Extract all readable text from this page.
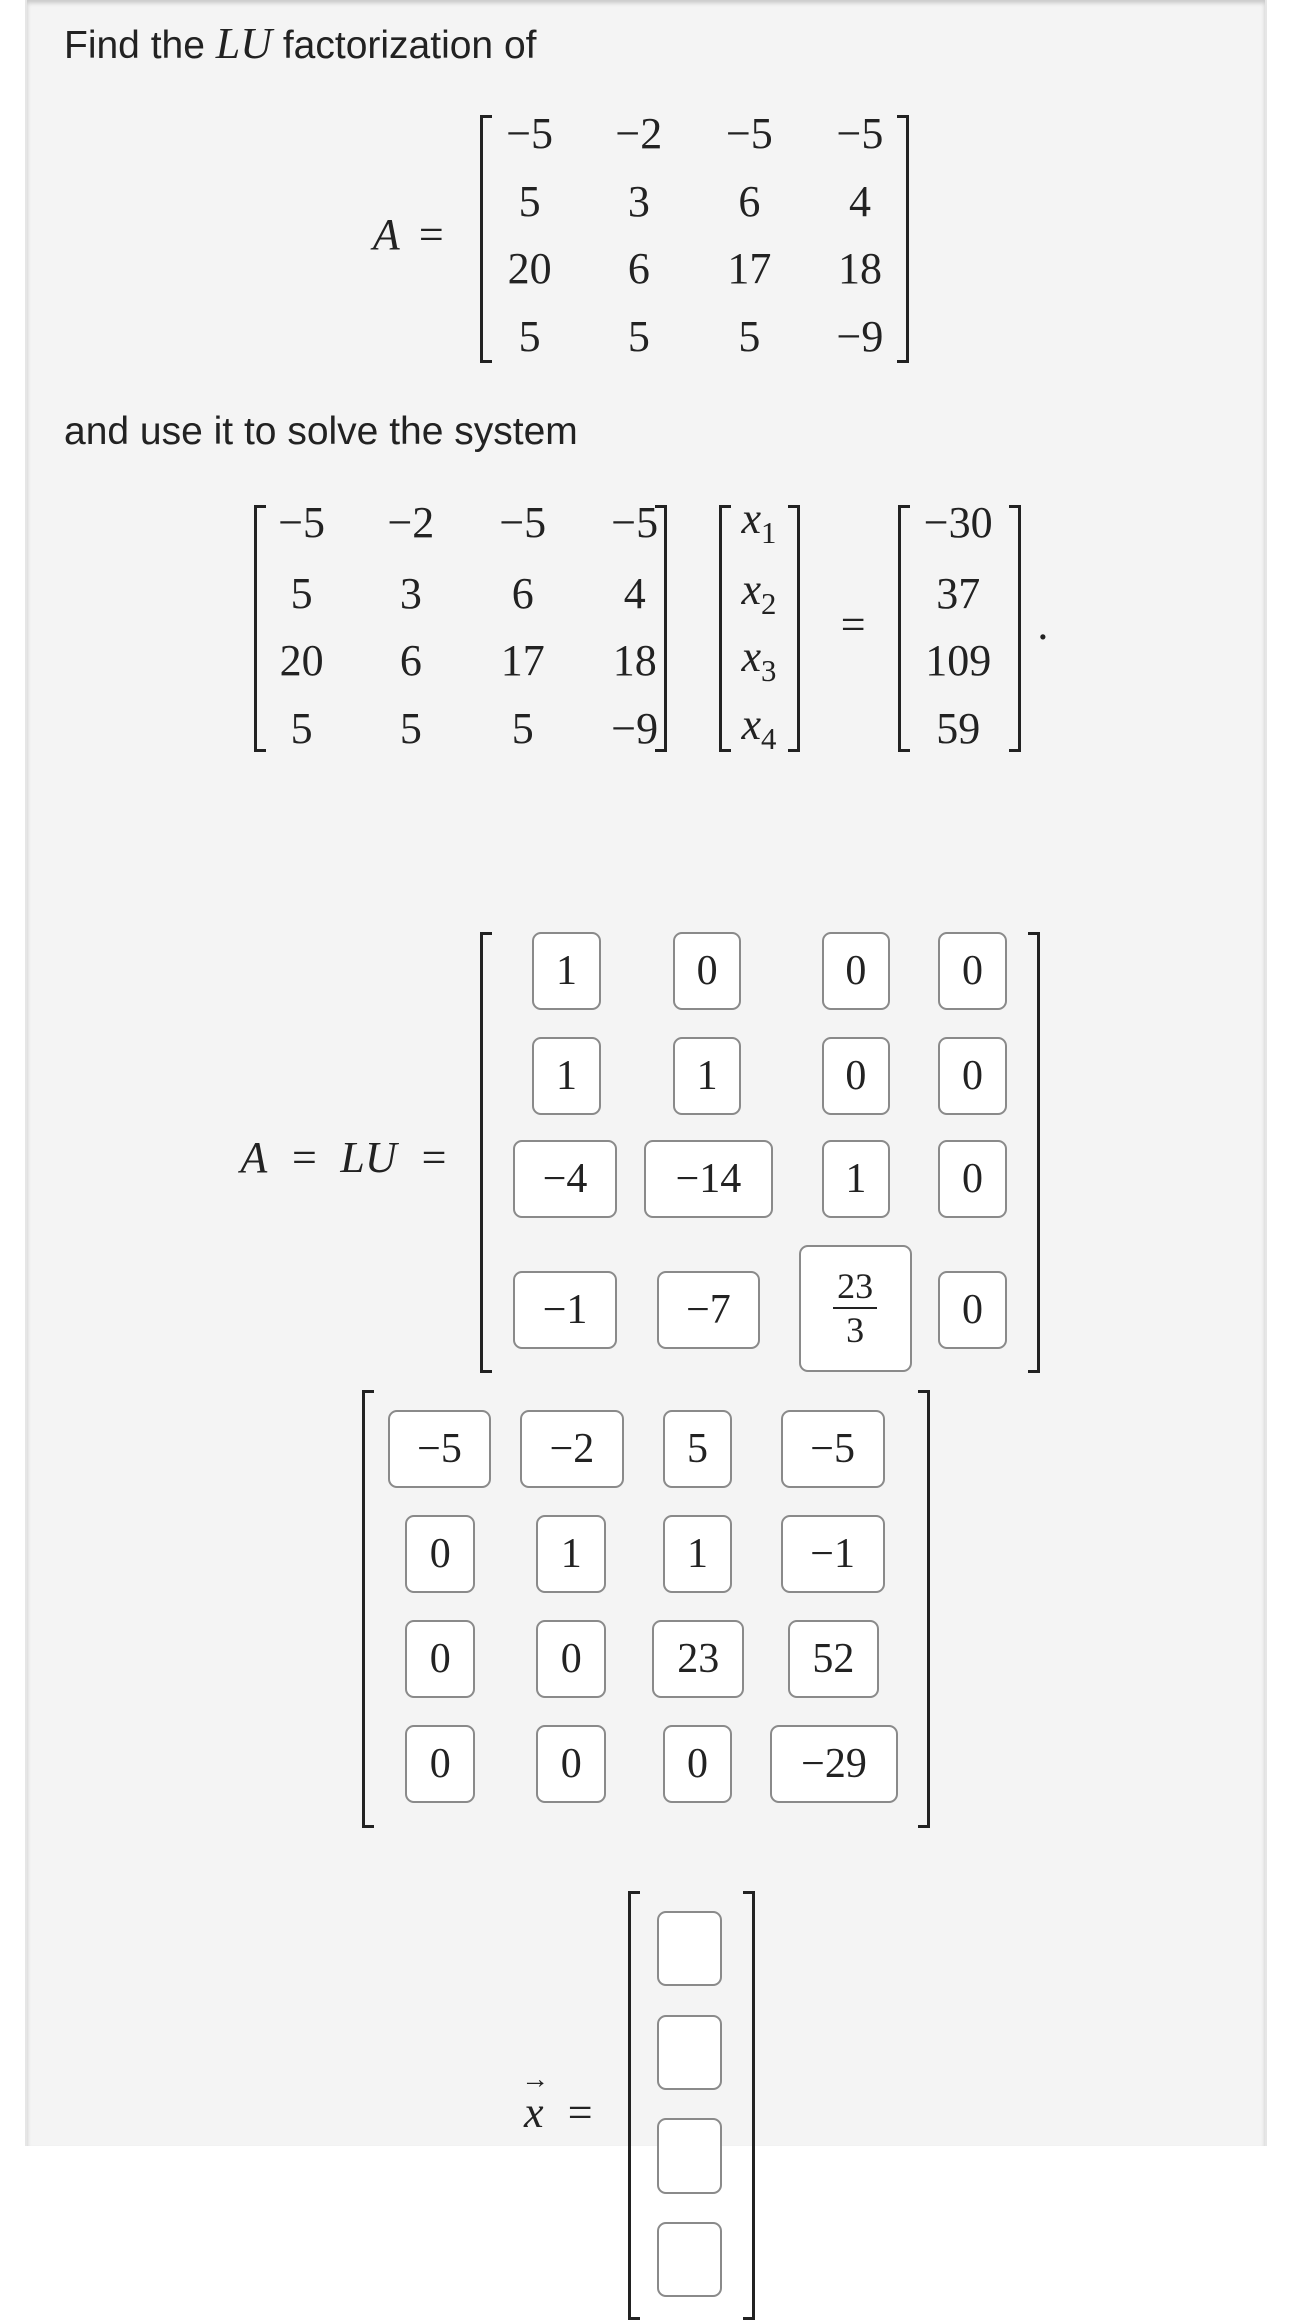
Find the LU factorization of
and use it to solve the system
A =
−5 −2 −5 −5
5 3 6 4
20 6 17 18
5 5 5 −9
−5 −2 −5 −5
5 3 6 4
20 6 17 18
5 5 5 −9
$x_1$
$x_2$
$x_3$
$x_4$
=
−30
37
109
59
.
A = LU =
1	0	0	0
1	1	0	0
−4	−14	1	0
−1	−7	$\frac{23}{3}$	0
−5	−2	5	−5
0	1	1	−1
0	0	23	52
0	0	0	−29
x
→
=
